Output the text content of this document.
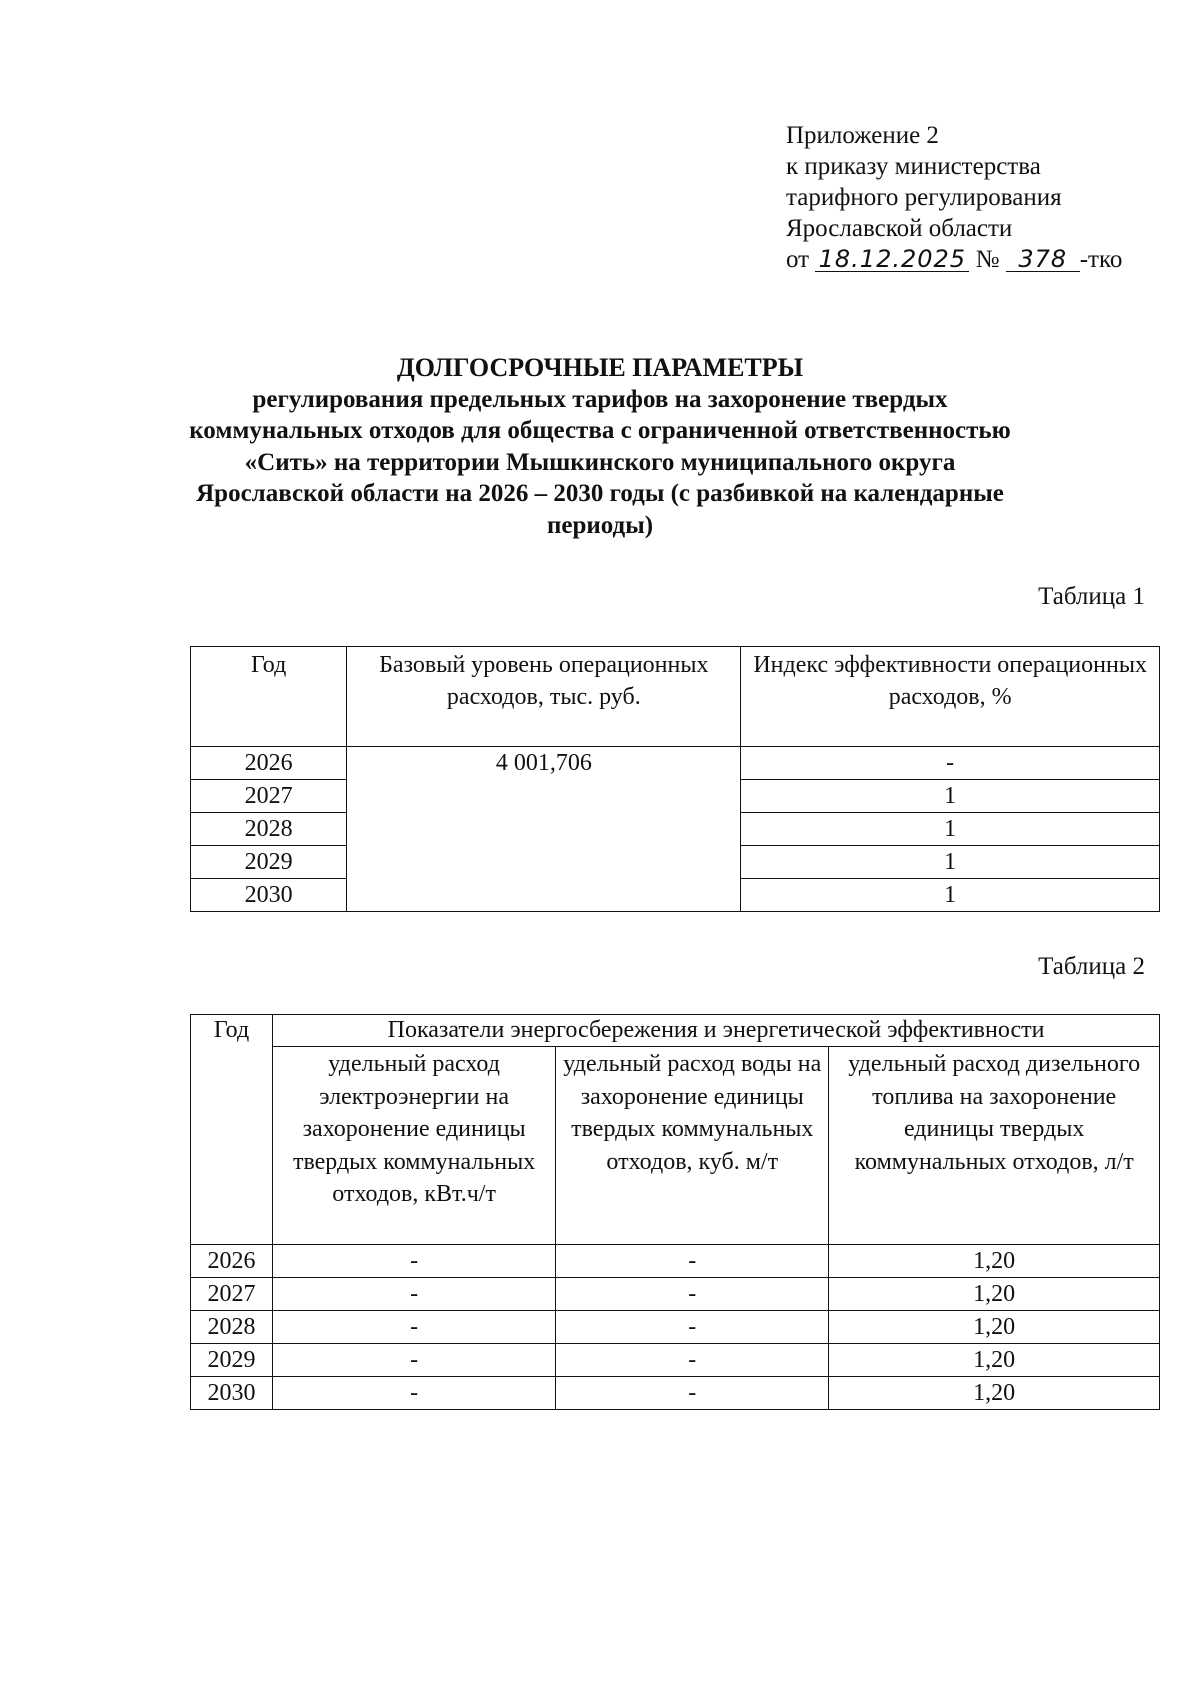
Приложение 2
к приказу министерства
тарифного регулирования
Ярославской области
от 18.12.2025 № 378 -тко
ДОЛГОСРОЧНЫЕ ПАРАМЕТРЫ
регулирования предельных тарифов на захоронение твердых
коммунальных отходов для общества с ограниченной ответственностью
«Сить» на территории Мышкинского муниципального округа
Ярославской области на 2026 – 2030 годы (с разбивкой на календарные
периоды)
Таблица 1
Год	Базовый уровень операционных расходов, тыс. руб.	Индекс эффективности операционных расходов, %
2026	4 001,706	-
2027		1
2028		1
2029		1
2030		1
Таблица 2
Год	Показатели энергосбережения и энергетической эффективности		
	удельный расход электроэнергии на захоронение единицы твердых коммунальных отходов, кВт.ч/т	удельный расход воды на захоронение единицы твердых коммунальных отходов, куб. м/т	удельный расход дизельного топлива на захоронение единицы твердых коммунальных отходов, л/т
2026	-	-	1,20
2027	-	-	1,20
2028	-	-	1,20
2029	-	-	1,20
2030	-	-	1,20
